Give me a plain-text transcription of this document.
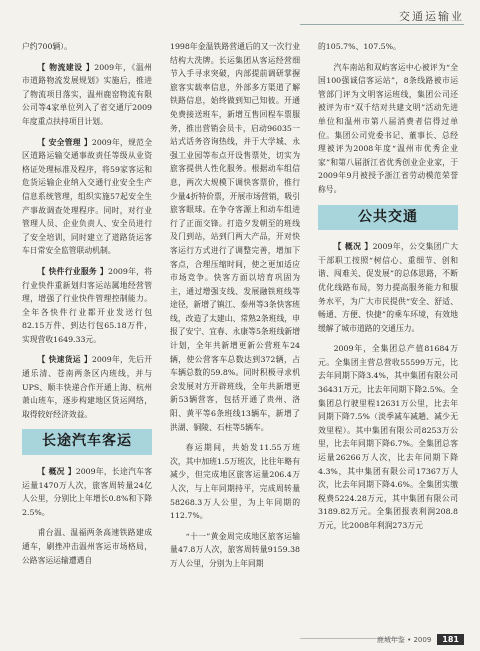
交通运输业

户约700辆）。

【 物流建设 】2009年，《温州市道路物流发展规划》实施后，推进了物流项目落实，温州鹿窑物流有限公司等4家单位列入了省交通厅2009年度重点扶持项目计划。

【 安全管理 】2009年，规范全区道路运输交通事故责任等级从业资格证处理标准及程序，将59家客运和危货运输企业纳入交通行业安全生产信息系统管理，组织实施57起安全生产事故调查处理程序。同时，对行业管理人员、企业负责人、安全员进行了安全培训，同时建立了道路货运客车日常安全监管联动机制。

【 快件行业服务 】2009年，将行业快件重新划归客运站属地经营管理，增强了行业快件管理控制能力。全年各快件行业都开业发送行包82.15万件、到达行包65.18万件，实现营收1649.33元。

【 快速货运 】2009年，先后开通乐清、苍南两条区内班线，并与UPS、顺丰快递合作开通上海、杭州萧山班车，逐步构建地区货运网络，取得较好经济效益。

长途汽车客运

【 概况 】2009年，长途汽车客运量1470万人次，旅客周转量24亿人公里，分别比上年增长0.8%和下降2.5%。

甫台温、温福两条高速铁路建成通车，刷挫冲击温州客运市场格局，公路客运运输遭遇自

1998年金温铁路营通后的又一次行业结构大洗牌。长运集团从客运经营细节入手寻求突破，内部提前调研掌握旅客实载率信息，外部多方渠道了解铁路信息，始终做到知己知彼。开通免费接送班车，新增互售回程车票服务，推出营销会员卡，启动96035一站式话务咨询热线，并于大学城、永强工业园等布点开设售票处，切实为旅客提供人性化服务。根据动车组信息，两次大规模下调快客票价，推行少量4折特价票，开展市场营销，吸引旅客眼球。在争夺客源上和动车组进行了正面交锋。打造夕发朝至的班线及门到站，站到门两大产品，开对快客运行方式进行了调整完善，增加下客点，合理压缩时间，使之更加适应市场竞争。快客方面以培育巩固为主，通过增强支线、发展融铁班线等途径，新增了镇江、泰州等3条快客班线，改造了太建山、常熟2条班线，申报了安宁、宜春、永康等5条班线新增计划，全年共新增更新公营班车24辆，使公营客车总数达到372辆，占车辆总数的59.8%。同时积极寻求机会发展对方开辟班线，全年共新增更新53辆营客，包括开通了贵州、洛阳、黄平等6条班线13辆车，新增了洪湖、铜陵、石柱等5辆车。

春运期间，共始发11.55万班次，其中加班1.5万班次，比往年略有减少，但完成地区旅客运量206.4万人次，与上年同期持平，完成周转量58268.3万人公里，为上年同期的112.7%。

“十一”黄金周完成地区旅客运输量47.8万人次，旅客周转量9159.38万人公里，分别为上年同期

的105.7%、107.5%。

汽车南站和双屿客运中心被评为“全国100强诚信客运站”，8条线路被市运管部门评为文明客运班线，集团公司还被评为市“双千结对共建文明”活动先进单位和温州市第八届消费者信得过单位。集团公司党委书记、董事长、总经理被评为2008年度“温州市优秀企业家”和第八届浙江省优秀创业企业家，于2009年9月被授予浙江省劳动模范荣誉称号。

公共交通

【 概况 】2009年，公交集团广大干部职工按照“树信心、重细节、创和谐、闯难关、促发展”的总体思路，不断优化线路布局，努力提高服务能力和服务水平，为广大市民提供“安全、舒适、畅通、方便、快捷”的乘车环境，有效地缓解了城市道路的交通压力。

2009年，全集团总产值81684万元。全集团主营总营收55599万元，比去年同期下降3.4%，其中集团有限公司36431万元，比去年同期下降2.5%。全集团总行驶里程12631万公里，比去年同期下降7.5%（淡季减车减趟、减少无效里程）。其中集团有限公司8253万公里，比去年同期下降6.7%。全集团总客运量26266万人次，比去年同期下降4.3%，其中集团有限公司17367万人次，比去年同期下降4.6%。全集团实缴税费5224.28万元，其中集团有限公司3189.82万元。全集团报表利润208.8万元，比2008年利润273万元

鹿城年鉴 • 2009	181
